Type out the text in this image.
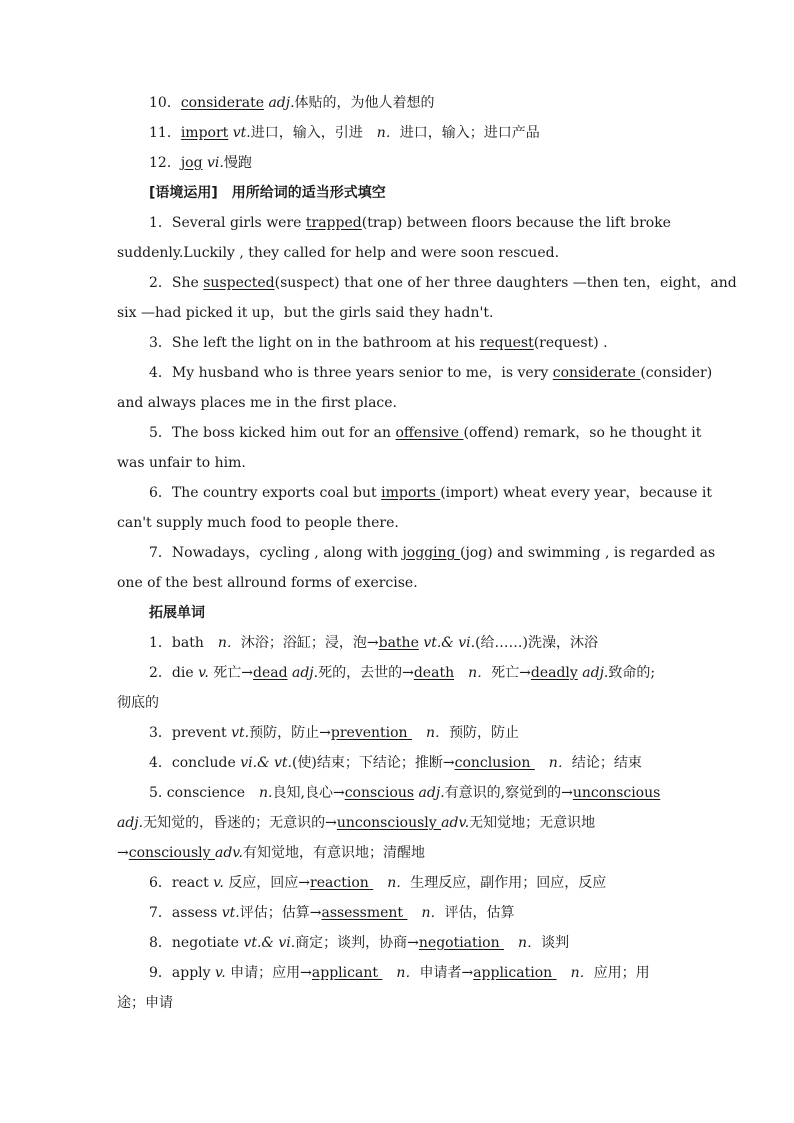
10．considerate adj.体贴的，为他人着想的
11．import vt.进口，输入，引进　 n．进口，输入；进口产品
12．jog vi.慢跑
[语境运用]　用所给词的适当形式填空
1．Several girls were trapped(trap) between floors because the lift broke
suddenly.Luckily , they called for help and were soon rescued.
2．She suspected(suspect) that one of her three daughters —then ten，eight，and
six —had picked it up，but the girls said they hadn't.
3．She left the light on in the bathroom at his request(request) .
4．My husband who is three years senior to me，is very considerate (consider)
and always places me in the first place.
5．The boss kicked him out for an offensive (offend) remark，so he thought it
was unfair to him.
6．The country exports coal but imports (import) wheat every year，because it
can't supply much food to people there.
7．Nowadays，cycling , along with jogging (jog) and swimming , is regarded as
one of the best allround forms of exercise.
拓展单词
1．bath　n．沐浴；浴缸；浸，泡→bathe vt.& vi.(给……)洗澡，沐浴
2．die v. 死亡→dead adj.死的，去世的→death　n．死亡→deadly adj.致命的;
彻底的
3．prevent vt.预防，防止→prevention 　n．预防，防止
4．conclude vi.& vt.(使)结束；下结论；推断→conclusion 　n．结论；结束
5. conscience　n.良知,良心→conscious adj.有意识的,察觉到的→unconscious
adj.无知觉的，昏迷的；无意识的→unconsciously adv.无知觉地；无意识地
→consciously adv.有知觉地，有意识地；清醒地
6．react v. 反应，回应→reaction 　n．生理反应，副作用；回应，反应
7．assess vt.评估；估算→assessment 　n．评估，估算
8．negotiate vt.& vi.商定；谈判，协商→negotiation 　n．谈判
9．apply v. 申请；应用→applicant 　n．申请者→application 　n．应用；用
途；申请
